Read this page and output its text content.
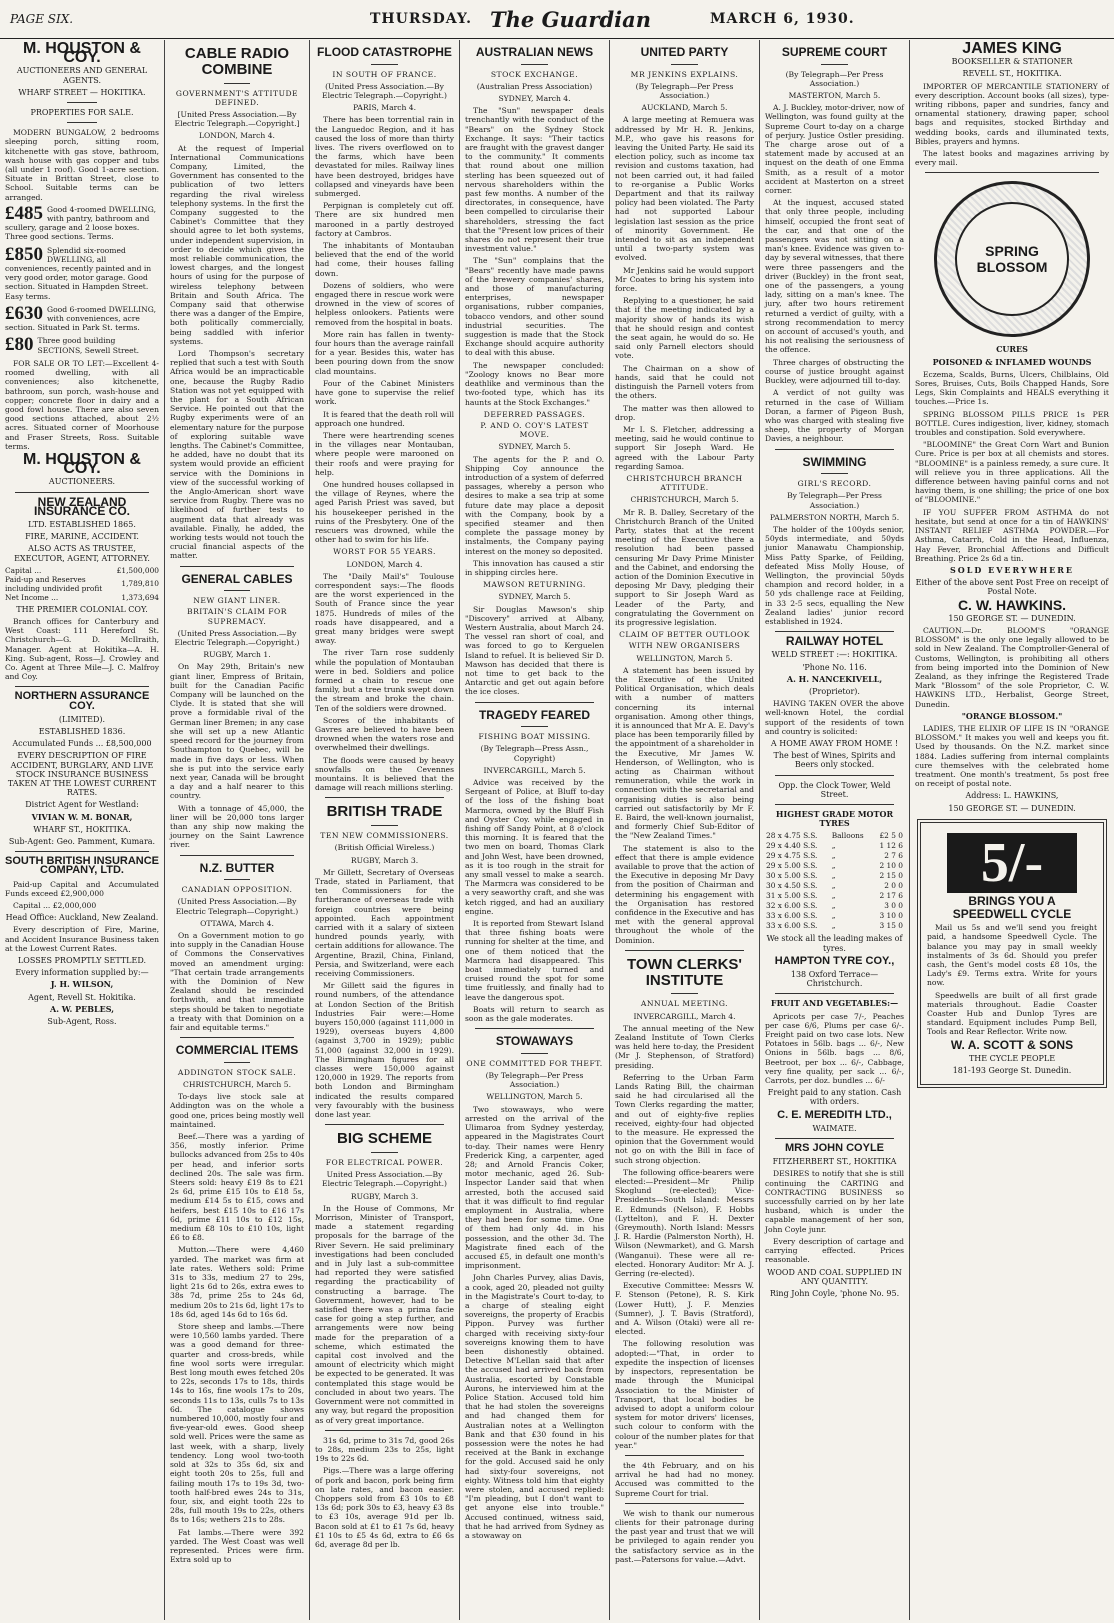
PAGE SIX.	THURSDAY. The Guardian	MARCH 6, 1930.
M. HOUSTON & COY.
AUCTIONEERS AND GENERAL AGENTS.
WHARF STREET — HOKITIKA.
PROPERTIES FOR SALE.

MODERN BUNGALOW, 2 bedrooms sleeping porch, sitting room, kitchenette with gas stove, bathroom, wash house with gas copper and tubs (all under 1 roof). Good 1-acre section. Situate in Brittan Street, close to School. Suitable terms can be arranged.

£485 Good 4-roomed DWELLING, with pantry, bathroom and scullery, garage and 2 loose boxes. Three good sections. Terms.
£850 Splendid six-roomed DWELLING, all conveniences, recently painted and in very good order, motor garage. Good section. Situated in Hampden Street. Easy terms.
£630 Good 6-roomed DWELLING, with conveniences, acre section. Situated in Park St. terms.
£80 Three good building SECTIONS, Sewell Street.

FOR SALE OR TO LET:—Excellent 4-roomed dwelling, with all conveniences; also kitchenette, bathroom, sun porch, wash-house and copper; concrete floor in dairy and a good fowl house. There are also seven good sections attached, about 2½ acres. Situated corner of Moorhouse and Fraser Streets, Ross. Suitable terms.

M. HOUSTON & COY.
AUCTIONEERS.
NEW ZEALAND INSURANCE CO.
LTD. ESTABLISHED 1865.
FIRE, MARINE, ACCIDENT.
ALSO ACTS AS TRUSTEE, EXECUTOR, AGENT, ATTORNEY.
Capital ...	£1,500,000
Paid-up and Reserves including undivided profit	1,789,810
Net Income ...	1,373,694
THE PREMIER COLONIAL COY.

Branch offices for Canterbury and West Coast: 111 Hereford St. Christchurch—G. D. McIlraith, Manager. Agent at Hokitika—A. H. King. Sub-agent, Ross—J. Crowley and Co. Agent at Three Mile—J. C. Malfroy and Coy.

NORTHERN ASSURANCE COY.
(LIMITED).
ESTABLISHED 1836.
Accumulated Funds ... £8,500,000
EVERY DESCRIPTION OF FIRE ACCIDENT, BURGLARY, AND LIVE STOCK INSURANCE BUSINESS TAKEN AT THE LOWEST CURRENT RATES.
District Agent for Westland:
VIVIAN W. M. BONAR,
WHARF ST., HOKITIKA.
Sub-Agent: Geo. Pamment, Kumara.
SOUTH BRITISH INSURANCE COMPANY, LTD.

Paid-up Capital and Accumulated Funds exceed £2,900,000

Capital ... £2,000,000

Head Office: Auckland, New Zealand.

Every description of Fire, Marine, and Accident Insurance Business taken at the Lowest Current Rates.

LOSSES PROMPTLY SETTLED.
Every information supplied by:—
J. H. WILSON,
Agent, Revell St. Hokitika.
A. W. PEBLES,
Sub-Agent, Ross.
CABLE RADIO COMBINE
GOVERNMENT'S ATTITUDE DEFINED.
[United Press Association.—By Electric Telegraph.—Copyright.]
LONDON, March 4.

At the request of Imperial International Communications Company, Limited, the Government has consented to the publication of two letters regarding the rival wireless telephony systems. In the first the Company suggested to the Cabinet's Committee that they should agree to let both systems, under independent supervision, in order to decide which gives the most reliable communication, the lowest charges, and the longest hours of using for the purpose of wireless telephony between Britain and South Africa. The Company said that otherwise there was a danger of the Empire, both politically commercially, being saddled with inferior systems.

Lord Thompson's secretary replied that such a test with South Africa would be an impracticable one, because the Rugby Radio Station was not yet equipped with the plant for a South African Service. He pointed out that the Rugby experiments were of an elementary nature for the purpose of exploring suitable wave lengths. The Cabinet's Committee, he added, have no doubt that its system would provide an efficient service with the Dominions in view of the successful working of the Anglo-American short wave service from Rugby. There was no likelihood of further tests to augment data that already was available. Finally, he added, the working tests would not touch the crucial financial aspects of the matter.

GENERAL CABLES
NEW GIANT LINER.
BRITAIN'S CLAIM FOR SUPREMACY.
(United Press Association.—By Electric Telegraph.—Copyright.)
RUGBY, March 1.

On May 29th, Britain's new giant liner, Empress of Britain, built for the Canadian Pacific Company will be launched on the Clyde. It is stated that she will prove a formidable rival of the German liner Bremen; in any case she will set up a new Atlantic speed record for the journey from Southampton to Quebec, will be made in five days or less. When she is put into the service early next year, Canada will be brought a day and a half nearer to this country.

With a tonnage of 45,000, the liner will be 20,000 tons larger than any ship now making the journey on the Saint Lawrence river.

N.Z. BUTTER
CANADIAN OPPOSITION.
(United Press Association.—By Electric Telegraph—Copyright.)
OTTAWA, March 4.

On a Government motion to go into supply in the Canadian House of Commons the Conservatives moved an amendment urging: "That certain trade arrangements with the Dominion of New Zealand should be rescinded forthwith, and that immediate steps should be taken to negotiate a treaty with that Dominion on a fair and equitable terms."

COMMERCIAL ITEMS
ADDINGTON STOCK SALE.
CHRISTCHURCH, March 5.

To-days live stock sale at Addington was on the whole a good one, prices being mostly well maintained.

Beef.—There was a yarding of 356, mostly inferior. Prime bullocks advanced from 25s to 40s per head, and inferior sorts declined 20s. The sale was firm. Steers sold: heavy £19 8s to £21 2s 6d, prime £15 10s to £18 5s, medium £14 5s to £15, cows and heifers, best £15 10s to £16 17s 6d, prime £11 10s to £12 15s, medium £8 10s to £10 10s, light £6 to £8.

Mutton.—There were 4,460 yarded. The market was firm at late rates. Wethers sold: Prime 31s to 33s, medium 27 to 29s, light 21s 6d to 26s, extra ewes to 38s 7d, prime 25s to 24s 6d, medium 20s to 21s 6d, light 17s to 18s 6d, aged 14s 6d to 16s 6d.

Store sheep and lambs.—There were 10,560 lambs yarded. There was a good demand for three-quarter and cross-breds, while fine wool sorts were irregular. Best long mouth ewes fetched 20s to 22s, seconds 17s to 18s, thirds 14s to 16s, fine wools 17s to 20s, seconds 11s to 13s, culls 7s to 13s 6d. The catalogue shows numbered 10,000, mostly four and five-year-old ewes. Good sheep sold well. Prices were the same as last week, with a sharp, lively tendency. Long wool two-tooth sold at 32s to 35s 6d, six and eight tooth 20s to 25s, full and failing mouth 17s to 19s 3d, two-tooth half-bred ewes 24s to 31s, four, six, and eight tooth 22s to 28s, full mouth 19s to 22s, others 8s to 16s; wethers 21s to 28s.

Fat lambs.—There were 392 yarded. The West Coast was well represented. Prices were firm. Extra sold up to

FLOOD CATASTROPHE
IN SOUTH OF FRANCE.
(United Press Association.—By Electric Telegraph.—Copyright.)
PARIS, March 4.

There has been torrential rain in the Languedoc Region, and it has caused the loss of more than thirty lives. The rivers overflowed on to the farms, which have been devastated for miles. Railway lines have been destroyed, bridges have collapsed and vineyards have been submerged.

Perpignan is completely cut off. There are six hundred men marooned in a partly destroyed factory at Cambros.

The inhabitants of Montauban believed that the end of the world had come, their houses falling down.

Dozens of soldiers, who were engaged there in rescue work were drowned in the view of scores of helpless onlookers. Patients were removed from the hospital in boats.

More rain has fallen in twenty-four hours than the average rainfall for a year. Besides this, water has been pouring down from the snow clad mountains.

Four of the Cabinet Ministers have gone to supervise the relief work.

It is feared that the death roll will approach one hundred.

There were heartrending scenes in the villages near Montauban, where people were marooned on their roofs and were praying for help.

One hundred houses collapsed in the village of Reynes, where the aged Parish Priest was saved, but his housekeeper perished in the ruins of the Presbytery. One of the rescuers was drowned, while the other had to swim for his life.

WORST FOR 55 YEARS.
LONDON, March 4.

The "Daily Mail's" Toulouse correspondent says:—The floods are the worst experienced in the South of France since the year 1875. Hundreds of miles of the roads have disappeared, and a great many bridges were swept away.

The river Tarn rose suddenly while the population of Montauban were in bed. Soldiers and police formed a chain to rescue one family, but a tree trunk swept down the stream and broke the chain. Ten of the soldiers were drowned.

Scores of the inhabitants of Gavres are believed to have been drowned when the waters rose and overwhelmed their dwellings.

The floods were caused by heavy snowfalls on the Cevennes mountains. It is believed that the damage will reach millions sterling.

BRITISH TRADE
TEN NEW COMMISSIONERS.
(British Official Wireless.)
RUGBY, March 3.

Mr Gillett, Secretary of Overseas Trade, stated in Parliament, that ten Commissioners for the furtherance of overseas trade with foreign countries were being appointed. Each appointment carried with it a salary of sixteen hundred pounds yearly, with certain additions for allowance. The Argentine, Brazil, China, Finland, Persia, and Switzerland, were each receiving Commissioners.

Mr Gillett said the figures in round numbers, of the attendance at London Section of the British Industries Fair were:—Home buyers 150,000 (against 111,000 in 1929), overseas buyers 4,800 (against 3,700 in 1929); public 51,000 (against 32,000 in 1929). The Birmingham figures for all classes were 150,000 against 120,000 in 1929. The reports from both London and Birmingham indicated the results compared very favourably with the business done last year.

BIG SCHEME
FOR ELECTRICAL POWER.
United Press Association.—By Electric Telegraph.—Copyright.)
RUGBY, March 3.

In the House of Commons, Mr Morrison, Minister of Transport, made a statement regarding proposals for the barrage of the River Severn. He said preliminary investigations had been concluded and in July last a sub-committee had reported they were satisfied regarding the practicability of constructing a barrage. The Government, however, had to be satisfied there was a prima facie case for going a step further, and arrangements were now being made for the preparation of a scheme, which estimated the capital cost involved and the amount of electricity which might be expected to be generated. It was contemplated this stage would be concluded in about two years. The Government were not committed in any way, but regard the proposition as of very great importance.

31s 6d, prime to 31s 7d, good 26s to 28s, medium 23s to 25s, light 19s to 22s 6d.

Pigs.—There was a large offering of pork and bacon, pork being firm on late rates, and bacon easier. Choppers sold from £3 10s to £8 13s 6d; pork 30s to £3, heavy £3 8s to £3 10s, average 91d per lb. Bacon sold at £1 to £1 7s 6d, heavy £1 10s to £5 4s 6d, extra to £6 6s 6d, average 8d per lb.

AUSTRALIAN NEWS
STOCK EXCHANGE.
(Australian Press Association)
SYDNEY, March 4.

The "Sun" newspaper deals trenchantly with the conduct of the "Bears" on the Sydney Stock Exchange. It says: "Their tactics are fraught with the gravest danger to the community." It comments that round about one million sterling has been squeezed out of nervous shareholders within the past few months. A number of the directorates, in consequence, have been compelled to circularise their shareholders, stressing the fact that the "Present low prices of their shares do not represent their true investment value."

The "Sun" complains that the "Bears" recently have made pawns of the brewery companies' shares, and those of manufacturing enterprises, newspaper organisations, rubber companies, tobacco vendors, and other sound industrial securities. The suggestion is made that the Stock Exchange should acquire authority to deal with this abuse.

The newspaper concluded: "Zoology knows no Bear more deathlike and verminous than the two-footed type, which has its haunts at the Stock Exchanges."

DEFERRED PASSAGES.
P. AND O. COY'S LATEST MOVE.
SYDNEY, March 5.

The agents for the P. and O. Shipping Coy announce the introduction of a system of deferred passages, whereby a person who desires to make a sea trip at some future date may place a deposit with the Company, book by a specified steamer and then complete the passage money by instalments, the Company paying interest on the money so deposited.

This innovation has caused a stir in shipping circles here.

MAWSON RETURNING.
SYDNEY, March 5.

Sir Douglas Mawson's ship "Discovery" arrived at Albany, Western Australia, about March 24. The vessel ran short of coal, and was forced to go to Kerguelen Island to refuel. It is believed Sir D. Mawson has decided that there is not time to get back to the Antarctic and get out again before the ice closes.

TRAGEDY FEARED
FISHING BOAT MISSING.
(By Telegraph—Press Assn., Copyright)
INVERCARGILL, March 5.

Advice was received by the Sergeant of Police, at Bluff to-day of the loss of the fishing boat Marmcra, owned by the Bluff Fish and Oyster Coy. while engaged in fishing off Sandy Point, at 8 o'clock this morning. It is feared that the two men on board, Thomas Clark and John West, have been drowned, as it is too rough in the strait for any small vessel to make a search. The Marmcra was considered to be a very seaworthy craft, and she was ketch rigged, and had an auxiliary engine.

It is reported from Stewart Island that three fishing boats were running for shelter at the time, and one of them noticed that the Marmcra had disappeared. This boat immediately turned and cruised round the spot for some time fruitlessly, and finally had to leave the dangerous spot.

Boats will return to search as soon as the gale moderates.

STOWAWAYS
ONE COMMITTED FOR THEFT.
(By Telegraph—Per Press Association.)
WELLINGTON, March 5.

Two stowaways, who were arrested on the arrival of the Ulimaroa from Sydney yesterday, appeared in the Magistrates Court to-day. Their names were Henry Frederick King, a carpenter, aged 28; and Arnold Francis Coker, motor mechanic, aged 26. Sub-Inspector Lander said that when arrested, both the accused said that it was difficult to find regular employment in Australia, where they had been for some time. One of them had only 4d. in his possession, and the other 3d. The Magistrate fined each of the accused £5, in default one month's imprisonment.

John Charles Purvey, alias Davis, a cook, aged 20, pleaded not guilty in the Magistrate's Court to-day, to a charge of stealing eight sovereigns, the property of Eracbis Pippon. Purvey was further charged with receiving sixty-four sovereigns knowing them to have been dishonestly obtained. Detective M'Lellan said that after the accused had arrived back from Australia, escorted by Constable Aurons, he interviewed him at the Police Station. Accused told him that he had stolen the sovereigns and had changed them for Australian notes at a Wellington Bank and that £30 found in his possession were the notes he had received at the Bank in exchange for the gold. Accused said he only had sixty-four sovereigns, not eighty. Witness told him that eighty were stolen, and accused replied: "I'm pleading, but I don't want to get anyone else into trouble." Accused continued, witness said, that he had arrived from Sydney as a stowaway on

UNITED PARTY
MR JENKINS EXPLAINS.
(By Telegraph—Per Press Association.)
AUCKLAND, March 5.

A large meeting at Remuera was addressed by Mr H. R. Jenkins, M.P., who gave his reasons for leaving the United Party. He said its election policy, such as income tax revision and customs taxation, had not been carried out, it had failed to re-organise a Public Works Department and that its railway policy had been violated. The Party had not supported Labour legislation last session as the price of minority Government. He intended to sit as an independent until a two-party system was evolved.

Mr Jenkins said he would support Mr Coates to bring his system into force.

Replying to a questioner, he said that if the meeting indicated by a majority show of hands its wish that he should resign and contest the seat again, he would do so. He said only Parnell electors should vote.

The Chairman on a show of hands, said that he could not distinguish the Parnell voters from the others.

The matter was then allowed to drop.

Mr I. S. Fletcher, addressing a meeting, said he would continue to support Sir Joseph Ward. He agreed with the Labour Party regarding Samoa.

CHRISTCHURCH BRANCH ATTITUDE.
CHRISTCHURCH, March 5.

Mr R. B. Dalley, Secretary of the Christchurch Branch of the United Party, states that at the recent meeting of the Executive there a resolution had been passed censuring Mr Davy Prime Minister and the Cabinet, and endorsing the action of the Dominion Executive in deposing Mr Davy, pledging their support to Sir Joseph Ward as Leader of the Party, and congratulating the Government on its progressive legislation.

CLAIM OF BETTER OUTLOOK
WITH NEW ORGANISERS
WELLINGTON, March 5.

A statement has been issued by the Executive of the United Political Organisation, which deals with a number of matters concerning its internal organisation. Among other things, it is announced that Mr A. E. Davy's place has been temporarily filled by the appointment of a shareholder in the Executive, Mr James W. Henderson, of Wellington, who is acting as Chairman without remuneration, while the work in connection with the secretarial and organising duties is also being carried out satisfactorily by Mr F. E. Baird, the well-known journalist, and formerly Chief Sub-Editor of the "New Zealand Times."

The statement is also to the effect that there is ample evidence available to prove that the action of the Executive in deposing Mr Davy from the position of Chairman and determining his engagement with the Organisation has restored confidence in the Executive and has met with the general approval throughout the whole of the Dominion.

TOWN CLERKS' INSTITUTE
ANNUAL MEETING.
INVERCARGILL, March 4.

The annual meeting of the New Zealand Institute of Town Clerks was held here to-day, the President (Mr J. Stephenson, of Stratford) presiding.

Referring to the Urban Farm Lands Rating Bill, the chairman said he had circularised all the Town Clerks regarding the matter, and out of eighty-five replies received, eighty-four had objected to the measure. He expressed the opinion that the Government would not go on with the Bill in face of such strong objection.

The following office-bearers were elected:—President—Mr Philip Skoglund (re-elected); Vice-Presidents—South Island: Messrs E. Edmunds (Nelson), F. Hobbs (Lyttelton), and F. H. Dexter (Greymouth). North Island: Messrs J. R. Hardie (Palmerston North), H. Wilson (Newmarket), and G. Marsh (Wanganui). These were all re-elected. Honorary Auditor: Mr A. J. Gerring (re-elected).

Executive Committee: Messrs W. F. Stenson (Petone), R. S. Kirk (Lower Hutt), J. F. Menzies (Sumner), J. T. Bavis (Stratford), and A. Wilson (Otaki) were all re-elected.

The following resolution was adopted:—"That, in order to expedite the inspection of licenses by inspectors, representation be made through the Municipal Association to the Minister of Transport, that local bodies be advised to adopt a uniform colour system for motor drivers' licenses, such colour to conform with the colour of the number plates for that year."

the 4th February, and on his arrival he had had no money. Accused was committed to the Supreme Court for trial.

We wish to thank our numerous clients for their patronage during the past year and trust that we will be privileged to again render you the satisfactory service as in the past.—Patersons for value.—Advt.

SUPREME COURT
(By Telegraph—Per Press Association.)
MASTERTON, March 5.

A. J. Buckley, motor-driver, now of Wellington, was found guilty at the Supreme Court to-day on a charge of perjury. Justice Ostler presiding. The charge arose out of a statement made by accused at an inquest on the death of one Emma Smith, as a result of a motor accident at Masterton on a street corner.

At the inquest, accused stated that only three people, including himself, occupied the front seat of the car, and that one of the passengers was not sitting on a man's knee. Evidence was given to-day by several witnesses, that there were three passengers and the driver (Buckley) in the front seat, one of the passengers, a young lady, sitting on a man's knee. The jury, after two hours retirement returned a verdict of guilty, with a strong recommendation to mercy on account of accused's youth, and his not realising the seriousness of the offence.

Three charges of obstructing the course of justice brought against Buckley, were adjourned till to-day.

A verdict of not guilty was returned in the case of William Doran, a farmer of Pigeon Bush, who was charged with stealing five sheep, the property of Morgan Davies, a neighbour.

SWIMMING
GIRL'S RECORD.
By Telegraph—Per Press Association.)
PALMERSTON NORTH, March 5.

The holder of the 100yds senior, 50yds intermediate, and 50yds junior Manawatu Championship, Miss Patty Sparke, of Feilding, defeated Miss Molly House, of Wellington, the provincial 50yds champion and record holder, in a 50 yds challenge race at Feilding, in 33 2-5 secs, equalling the New Zealand ladies' junior record established in 1924.

RAILWAY HOTEL
WELD STREET :—: HOKITIKA.
'Phone No. 116.
A. H. NANCEKIVELL,
(Proprietor).

HAVING TAKEN OVER the above well-known Hotel, the cordial support of the residents of town and country is solicited:

A HOME AWAY FROM HOME !
The best of Wines, Spirits and Beers only stocked.
Opp. the Clock Tower, Weld Street.
HIGHEST GRADE MOTOR TYRES
28 x 4.75 S.S.	Balloons	£2 5 0
29 x 4.40 S.S.	„	1 12 6
29 x 4.75 S.S.	„	2 7 6
29 x 5.00 S.S.	„	2 10 0
30 x 5.00 S.S.	„	2 15 0
30 x 4.50 S.S.	„	2 0 0
31 x 5.00 S.S.	„	2 17 6
32 x 6.00 S.S.	„	3 0 0
33 x 6.00 S.S.	„	3 10 0
33 x 6.00 S.S.	„	3 15 0
We stock all the leading makes of tyres.
HAMPTON TYRE COY.,
138 Oxford Terrace—Christchurch.
FRUIT AND VEGETABLES:—

Apricots per case 7/-, Peaches per case 6/6, Plums per case 6/-. Freight paid on two case lots. New Potatoes in 56lb. bags ... 6/-, New Onions in 56lb. bags ... 8/6, Beetroot, per box ... 6/-, Cabbage, very fine quality, per sack ... 6/-, Carrots, per doz. bundles ... 6/-

Freight paid to any station. Cash with orders.
C. E. MEREDITH LTD.,
WAIMATE.
MRS JOHN COYLE
FITZHERBERT ST., HOKITIKA

DESIRES to notify that she is still continuing the CARTING and CONTRACTING BUSINESS so successfully carried on by her late husband, which is under the capable management of her son, John Coyle junr.

Every description of cartage and carrying effected. Prices reasonable.

WOOD AND COAL SUPPLIED IN ANY QUANTITY.
Ring John Coyle, 'phone No. 95.
JAMES KING
BOOKSELLER & STATIONER
REVELL ST., HOKITIKA.

IMPORTER OF MERCANTILE STATIONERY of every description. Account books (all sizes), type-writing ribbons, paper and sundries, fancy and ornamental stationery, drawing paper, school bags and requisites, stocked Birthday and wedding books, cards and illuminated texts, Bibles, prayers and hymns.

The latest books and magazines arriving by every mail.

SPRING
BLOSSOM
CURES
POISONED & INFLAMED WOUNDS

Eczema, Scalds, Burns, Ulcers, Chilblains, Old Sores, Bruises, Cuts, Boils Chapped Hands, Sore Legs, Skin Complaints and HEALS everything it touches.—Price 1s.

SPRING BLOSSOM PILLS PRICE 1s PER BOTTLE. Cures indigestion, liver, kidney, stomach troubles and constipation. Sold everywhere.

"BLOOMINE" the Great Corn Wart and Bunion Cure. Price is per box at all chemists and stores. "BLOOMINE" is a painless remedy, a sure cure. It will relieve you in three applications. All the difference between having painful corns and not having them, is one shilling; the price of one box of "BLOOMINE."

IF YOU SUFFER FROM ASTHMA do not hesitate, but send at once for a tin of HAWKINS' INSTANT RELIEF ASTHMA POWDER.—For Asthma, Catarrh, Cold in the Head, Influenza, Hay Fever, Bronchial Affections and Difficult Breathing. Price 2s 6d a tin.

SOLD EVERYWHERE
Either of the above sent Post Free on receipt of Postal Note.
C. W. HAWKINS.
150 GEORGE ST. — DUNEDIN.

CAUTION.—Dr. BLOOM'S "ORANGE BLOSSOM" is the only one legally allowed to be sold in New Zealand. The Comptroller-General of Customs, Wellington, is prohibiting all others from being imported into the Dominion of New Zealand, as they infringe the Registered Trade Mark "Blossom" of the sole Proprietor, C. W. HAWKINS LTD., Herbalist, George Street, Dunedin.

"ORANGE BLOSSOM."

LADIES, THE ELIXIR OF LIFE IS IN "ORANGE BLOSSOM." It makes you well and keeps you fit. Used by thousands. On the N.Z. market since 1884. Ladies suffering from internal complaints cure themselves with the celebrated home treatment. One month's treatment, 5s post free on receipt of postal note.

Address: L. HAWKINS,
150 GEORGE ST. — DUNEDIN.
5/-
BRINGS YOU A
SPEEDWELL CYCLE

Mail us 5s and we'll send you freight paid, a handsome Speedwell Cycle. The balance you may pay in small weekly instalments of 3s 6d. Should you prefer cash, the Gent's model costs £8 10s, the Lady's £9. Terms extra. Write for yours now.

Speedwells are built of all first grade materials throughout. Eadie Coaster Coaster Hub and Dunlop Tyres are standard. Equipment includes Pump Bell, Tools and Rear Reflector. Write now.

W. A. SCOTT & SONS
THE CYCLE PEOPLE
181-193 George St. Dunedin.
